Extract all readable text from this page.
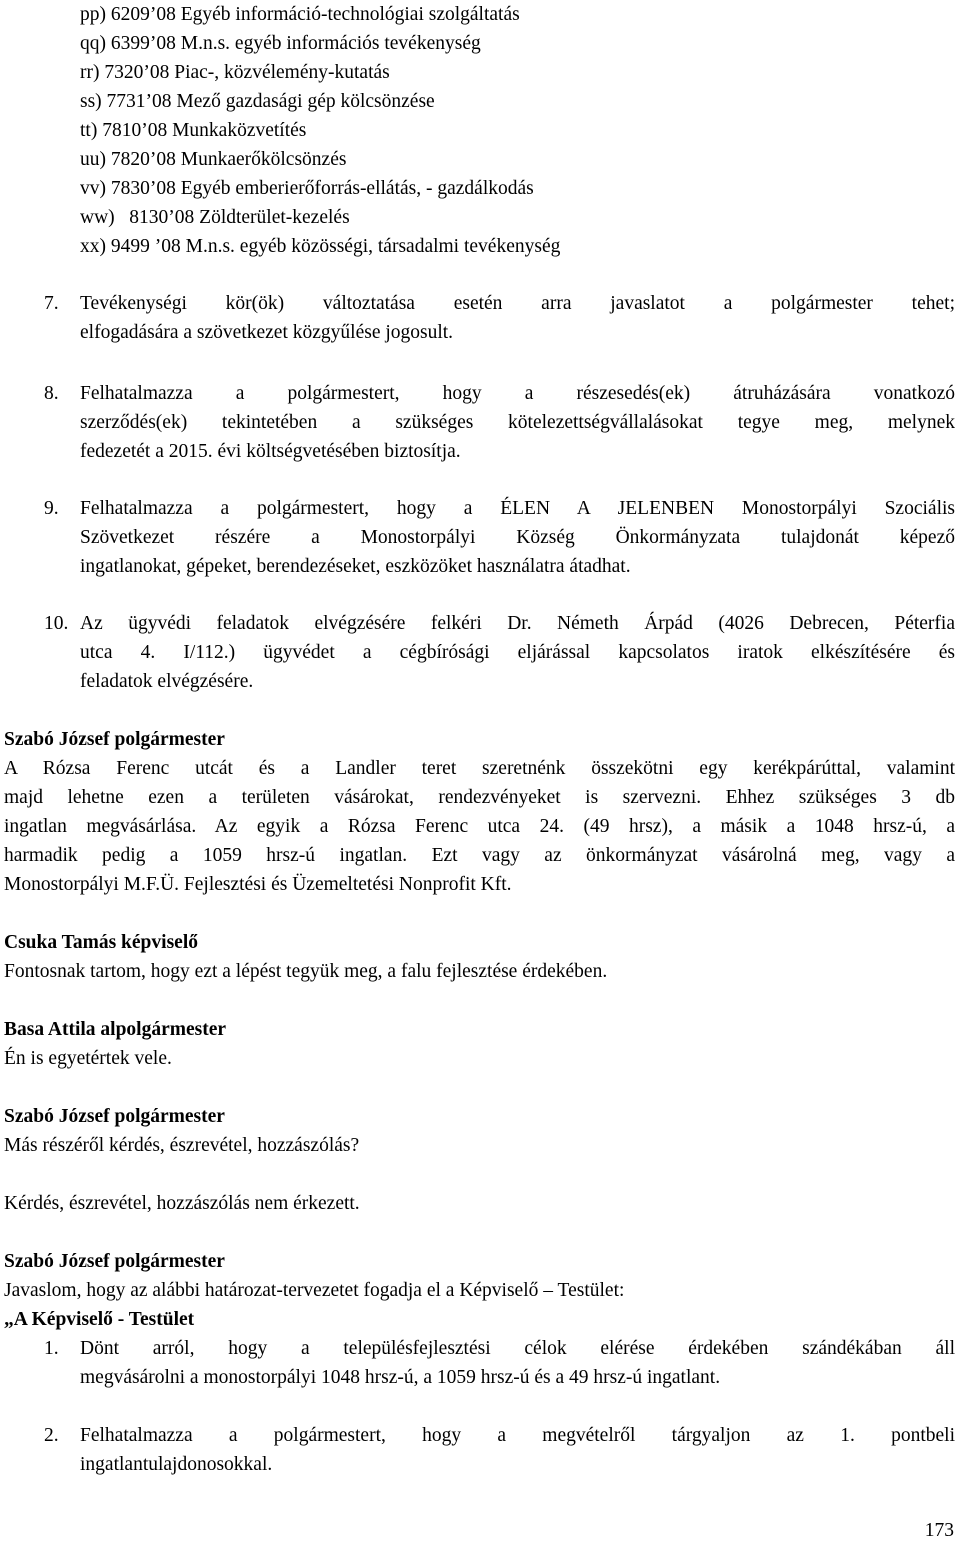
pp) 6209’08 Egyéb információ-technológiai szolgáltatás
qq) 6399’08 M.n.s. egyéb információs tevékenység
rr) 7320’08 Piac-, közvélemény-kutatás
ss) 7731’08 Mező gazdasági gép kölcsönzése
tt) 7810’08 Munkaközvetítés
uu) 7820’08 Munkaerőkölcsönzés
vv) 7830’08 Egyéb emberierőforrás-ellátás, - gazdálkodás
ww)   8130’08 Zöldterület-kezelés
xx) 9499 ’08 M.n.s. egyéb közösségi, társadalmi tevékenység
7. Tevékenységi kör(ök) változtatása esetén arra javaslatot a polgármester tehet;
elfogadására a szövetkezet közgyűlése jogosult.
8. Felhatalmazza a polgármestert, hogy a részesedés(ek) átruházására vonatkozó
szerződés(ek) tekintetében a szükséges kötelezettségvállalásokat tegye meg, melynek
fedezetét a 2015. évi költségvetésében biztosítja.
9. Felhatalmazza a polgármestert, hogy a ÉLEN A JELENBEN Monostorpályi Szociális
Szövetkezet részére a Monostorpályi Község Önkormányzata tulajdonát képező
ingatlanokat, gépeket, berendezéseket, eszközöket használatra átadhat.
10. Az ügyvédi feladatok elvégzésére felkéri Dr. Németh Árpád (4026 Debrecen, Péterfia
utca 4. I/112.) ügyvédet a cégbírósági eljárással kapcsolatos iratok elkészítésére és
feladatok elvégzésére.
Szabó József polgármester
A Rózsa Ferenc utcát és a Landler teret szeretnénk összekötni egy kerékpárúttal, valamint
majd lehetne ezen a területen vásárokat, rendezvényeket is szervezni. Ehhez szükséges 3 db
ingatlan megvásárlása. Az egyik a Rózsa Ferenc utca 24. (49 hrsz), a másik a 1048 hrsz-ú, a
harmadik pedig a 1059 hrsz-ú ingatlan. Ezt vagy az önkormányzat vásárolná meg, vagy a
Monostorpályi M.F.Ü. Fejlesztési és Üzemeltetési Nonprofit Kft.
Csuka Tamás képviselő
Fontosnak tartom, hogy ezt a lépést tegyük meg, a falu fejlesztése érdekében.
Basa Attila alpolgármester
Én is egyetértek vele.
Szabó József polgármester
Más részéről kérdés, észrevétel, hozzászólás?
Kérdés, észrevétel, hozzászólás nem érkezett.
Szabó József polgármester
Javaslom, hogy az alábbi határozat-tervezetet fogadja el a Képviselő – Testület:
„A Képviselő - Testület
1. Dönt arról, hogy a településfejlesztési célok elérése érdekében szándékában áll
megvásárolni a monostorpályi 1048 hrsz-ú, a 1059 hrsz-ú és a 49 hrsz-ú ingatlant.
2. Felhatalmazza a polgármestert, hogy a megvételről tárgyaljon az 1. pontbeli
ingatlantulajdonosokkal.
173
